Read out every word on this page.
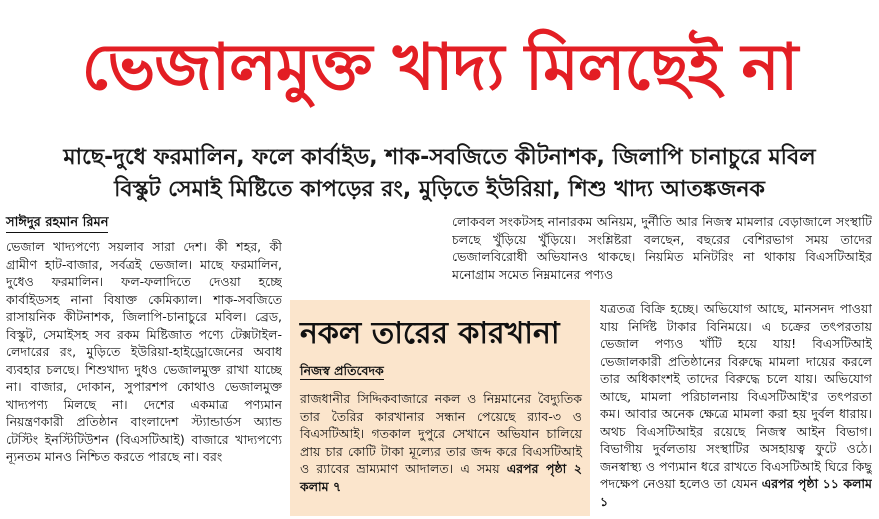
ভেজালমুক্ত খাদ্য মিলছেই না
মাছে-দুধে ফরমালিন, ফলে কার্বাইড, শাক-সবজিতে কীটনাশক, জিলাপি চানাচুরে মবিল
বিস্কুট সেমাই মিষ্টিতে কাপড়ের রং, মুড়িতে ইউরিয়া, শিশু খাদ্য আতঙ্কজনক
সাঈদুর রহমান রিমন

ভেজাল খাদ্যপণ্যে সয়লাব সারা দেশ। কী শহর, কী গ্রামীণ হাট-বাজার, সর্বত্রই ভেজাল। মাছে ফরমালিন, দুধেও ফরমালিন। ফল-ফলাদিতে দেওয়া হচ্ছে কার্বাইডসহ নানা বিষাক্ত কেমিক্যাল। শাক-সবজিতে রাসায়নিক কীটনাশক, জিলাপি-চানাচুরে মবিল। ব্রেড, বিস্কুট, সেমাইসহ সব রকম মিষ্টিজাত পণ্যে টেক্সটাইল-লেদারের রং, মুড়িতে ইউরিয়া-হাইড্রোজেনের অবাধ ব্যবহার চলছে। শিশুখাদ্য দুধও ভেজালমুক্ত রাখা যাচ্ছে না। বাজার, দোকান, সুপারশপ কোথাও ভেজালমুক্ত খাদ্যপণ্য মিলছে না। দেশের একমাত্র পণ্যমান নিয়ন্ত্রণকারী প্রতিষ্ঠান বাংলাদেশ স্ট্যান্ডার্ডস অ্যান্ড টেস্টিং ইনস্টিটিউশন (বিএসটিআই) বাজারে খাদ্যপণ্যে ন্যূনতম মানও নিশ্চিত করতে পারছে না। বরং

লোকবল সংকটসহ নানারকম অনিয়ম, দুর্নীতি আর নিজস্ব মামলার বেড়াজালে সংস্থাটি চলছে খুঁড়িয়ে খুঁড়িয়ে। সংশ্লিষ্টরা বলছেন, বছরের বেশিরভাগ সময় তাদের ভেজালবিরোধী অভিযানও থাকছে। নিয়মিত মনিটরিং না থাকায় বিএসটিআইর মনোগ্রাম সমেত নিম্নমানের পণ্যও

নকল তারের কারখানা
নিজস্ব প্রতিবেদক
রাজধানীর সিদ্দিকবাজারে নকল ও নিম্নমানের বৈদ্যুতিক তার তৈরির কারখানার সন্ধান পেয়েছে র‌্যাব-৩ ও বিএসটিআই। গতকাল দুপুরে সেখানে অভিযান চালিয়ে প্রায় চার কোটি টাকা মূল্যের তার জব্দ করে বিএসটিআই ও র‌্যাবের ভ্রাম্যমাণ আদালত। এ সময় এরপর পৃষ্ঠা ২ কলাম ৭

যত্রতত্র বিক্রি হচ্ছে। অভিযোগ আছে, মানসনদ পাওয়া যায় নির্দিষ্ট টাকার বিনিময়ে। এ চক্রের তৎপরতায় ভেজাল পণ্যও খাঁটি হয়ে যায়! বিএসটিআই ভেজালকারী প্রতিষ্ঠানের বিরুদ্ধে মামলা দায়ের করলে তার অধিকাংশই তাদের বিরুদ্ধে চলে যায়। অভিযোগ আছে, মামলা পরিচালনায় বিএসটিআই'র তৎপরতা কম। আবার অনেক ক্ষেত্রে মামলা করা হয় দুর্বল ধারায়। অথচ বিএসটিআইর রয়েছে নিজস্ব আইন বিভাগ। বিভাগীয় দুর্বলতায় সংস্থাটির অসহায়ত্ব ফুটে ওঠে। জনস্বাস্থ্য ও পণ্যমান ধরে রাখতে বিএসটিআই ঘিরে কিছু পদক্ষেপ নেওয়া হলেও তা যেমন এরপর পৃষ্ঠা ১১ কলাম ১
